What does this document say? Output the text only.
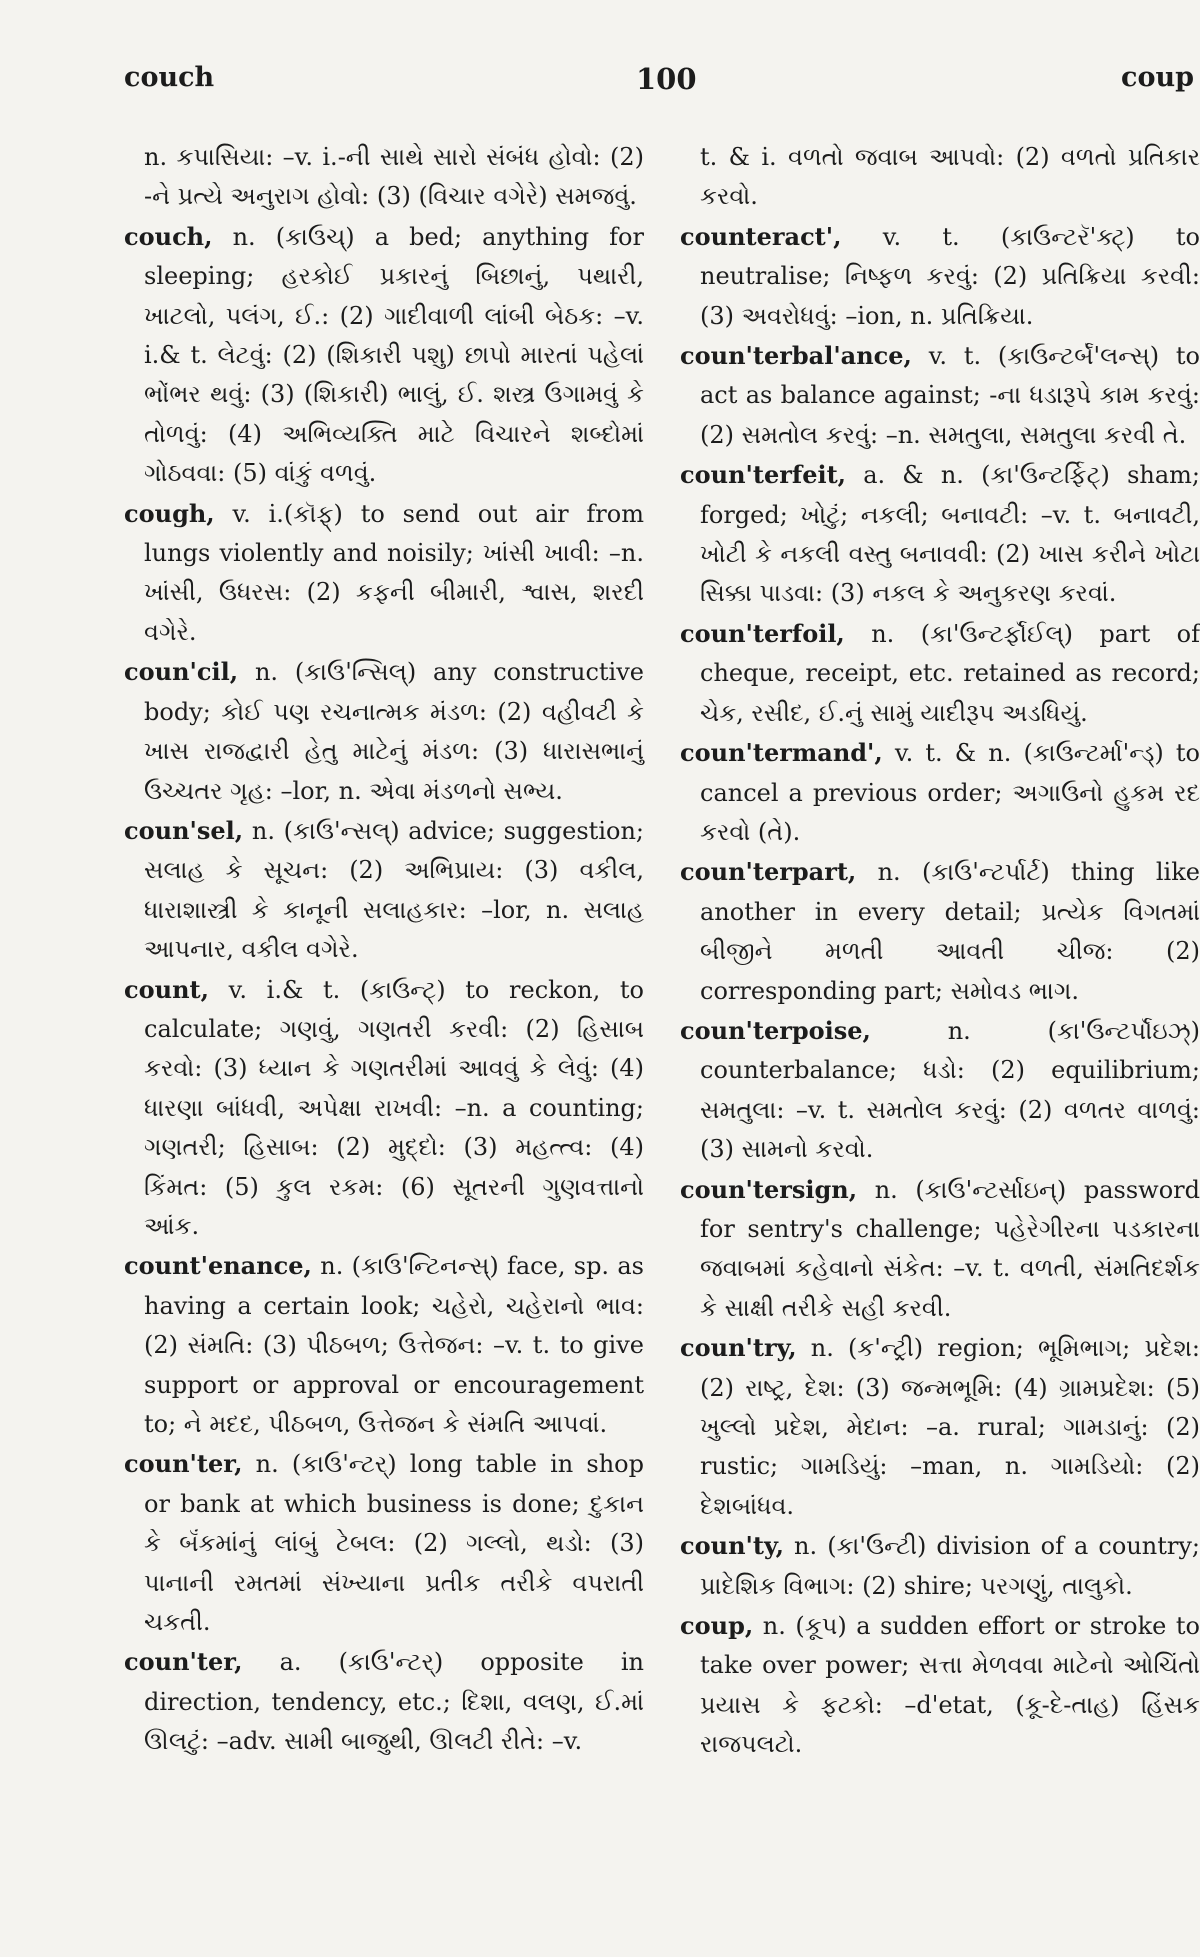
couch	100	coup

n. કપાસિયા: –v. i.-ની સાથે સારો સંબંધ હોવો: (2) -ને પ્રત્યે અનુરાગ હોવો: (3) (વિચાર વગેરે) સમજવું.

couch, n. (કાઉચ્) a bed; anything for sleeping; હરકોઈ પ્રકારનું બિછાનું, પથારી, ખાટલો, પલંગ, ઈ.: (2) ગાદીવાળી લાંબી બેઠક: –v. i.& t. લેટવું: (2) (શિકારી પશુ) છાપો મારતાં પહેલાં ભોંભર થવું: (3) (શિકારી) ભાલું, ઈ. શસ્ત્ર ઉગામવું કે તોળવું: (4) અભિવ્યક્તિ માટે વિચારને શબ્દોમાં ગોઠવવા: (5) વાંકું વળવું.

cough, v. i.(કૉફ્) to send out air from lungs violently and noisily; ખાંસી ખાવી: –n. ખાંસી, ઉધરસ: (2) કફની બીમારી, શ્વાસ, શરદી વગેરે.

coun'cil, n. (કાઉ'ન્સિલ્) any constructive body; કોઈ પણ રચનાત્મક મંડળ: (2) વહીવટી કે ખાસ રાજદ્વારી હેતુ માટેનું મંડળ: (3) ધારાસભાનું ઉચ્ચતર ગૃહ: –lor, n. એવા મંડળનો સભ્ય.

coun'sel, n. (કાઉ'ન્સલ્) advice; suggestion; સલાહ કે સૂચન: (2) અભિપ્રાય: (3) વકીલ, ધારાશાસ્ત્રી કે કાનૂની સલાહકાર: –lor, n. સલાહ આપનાર, વકીલ વગેરે.

count, v. i.& t. (કાઉન્ટ્) to reckon, to calculate; ગણવું, ગણતરી કરવી: (2) હિસાબ કરવો: (3) ધ્યાન કે ગણતરીમાં આવવું કે લેવું: (4) ધારણા બાંધવી, અપેક્ષા રાખવી: –n. a counting; ગણતરી; હિસાબ: (2) મુદ્દો: (3) મહત્ત્વ: (4) કિંમત: (5) કુલ રકમ: (6) સૂતરની ગુણવત્તાનો આંક.

count'enance, n. (કાઉ'ન્ટિનન્સ્) face, sp. as having a certain look; ચહેરો, ચહેરાનો ભાવ: (2) સંમતિ: (3) પીઠબળ; ઉત્તેજન: –v. t. to give support or approval or encouragement to; ને મદદ, પીઠબળ, ઉત્તેજન કે સંમતિ આપવાં.

coun'ter, n. (કાઉ'ન્ટર્) long table in shop or bank at which business is done; દુકાન કે બૅંકમાંનું લાંબું ટેબલ: (2) ગલ્લો, થડો: (3) પાનાની રમતમાં સંખ્યાના પ્રતીક તરીકે વપરાતી ચકતી.

coun'ter, a. (કાઉ'ન્ટર્) opposite in direction, tendency, etc.; દિશા, વલણ, ઈ.માં ઊલટું: –adv. સામી બાજુથી, ઊલટી રીતે: –v.

t. & i. વળતો જવાબ આપવો: (2) વળતો પ્રતિકાર કરવો.

counteract', v. t. (કાઉન્ટરૅ'ક્ટ્) to neutralise; નિષ્ફળ કરવું: (2) પ્રતિક્રિયા કરવી: (3) અવરોધવું: –ion, n. પ્રતિક્રિયા.

coun'terbal'ance, v. t. (કાઉન્ટર્બૅ'લન્સ્) to act as balance against; -ના ધડારૂપે કામ કરવું: (2) સમતોલ કરવું: –n. સમતુલા, સમતુલા કરવી તે.

coun'terfeit, a. & n. (કા'ઉન્ટર્ફિટ્) sham; forged; ખોટું; નકલી; બનાવટી: –v. t. બનાવટી, ખોટી કે નકલી વસ્તુ બનાવવી: (2) ખાસ કરીને ખોટા સિક્કા પાડવા: (3) નકલ કે અનુકરણ કરવાં.

coun'terfoil, n. (કા'ઉન્ટર્ફૉઈલ્) part of cheque, receipt, etc. retained as record; ચેક, રસીદ, ઈ.નું સામું યાદીરૂપ અડધિયું.

coun'termand', v. t. & n. (કાઉન્ટર્મા'ન્ડ્) to cancel a previous order; અગાઉનો હુકમ રદ કરવો (તે).

coun'terpart, n. (કાઉ'ન્ટર્પાર્ટ) thing like another in every detail; પ્રત્યેક વિગતમાં બીજીને મળતી આવતી ચીજ: (2) corresponding part; સમોવડ ભાગ.

coun'terpoise,	n. (કા'ઉન્ટર્પૉઇઝ્) counterbalance; ધડો: (2) equilibrium; સમતુલા: –v. t. સમતોલ કરવું: (2) વળતર વાળવું: (3) સામનો કરવો.

coun'tersign, n. (કાઉ'ન્ટર્સાઇન્) password for sentry's challenge; પહેરેગીરના પડકારના જવાબમાં કહેવાનો સંકેત: –v. t. વળતી, સંમતિદર્શક કે સાક્ષી તરીકે સહી કરવી.

coun'try, n. (ક'ન્ટ્રી) region; ભૂમિભાગ; પ્રદેશ: (2) રાષ્ટ્ર, દેશ: (3) જન્મભૂમિ: (4) ગ્રામપ્રદેશ: (5) ખુલ્લો પ્રદેશ, મેદાન: –a. rural; ગામડાનું: (2) rustic; ગામડિયું: –man, n. ગામડિયો: (2) દેશબાંધવ.

coun'ty, n. (કા'ઉન્ટી) division of a country; પ્રાદેશિક વિભાગ: (2) shire; પરગણું, તાલુકો.

coup, n. (કૂપ) a sudden effort or stroke to take over power; સત્તા મેળવવા માટેનો ઓચિંતો પ્રયાસ કે ફટકો: –d'etat, (કૂ-દે-તાહ) હિંસક રાજપલટો.
